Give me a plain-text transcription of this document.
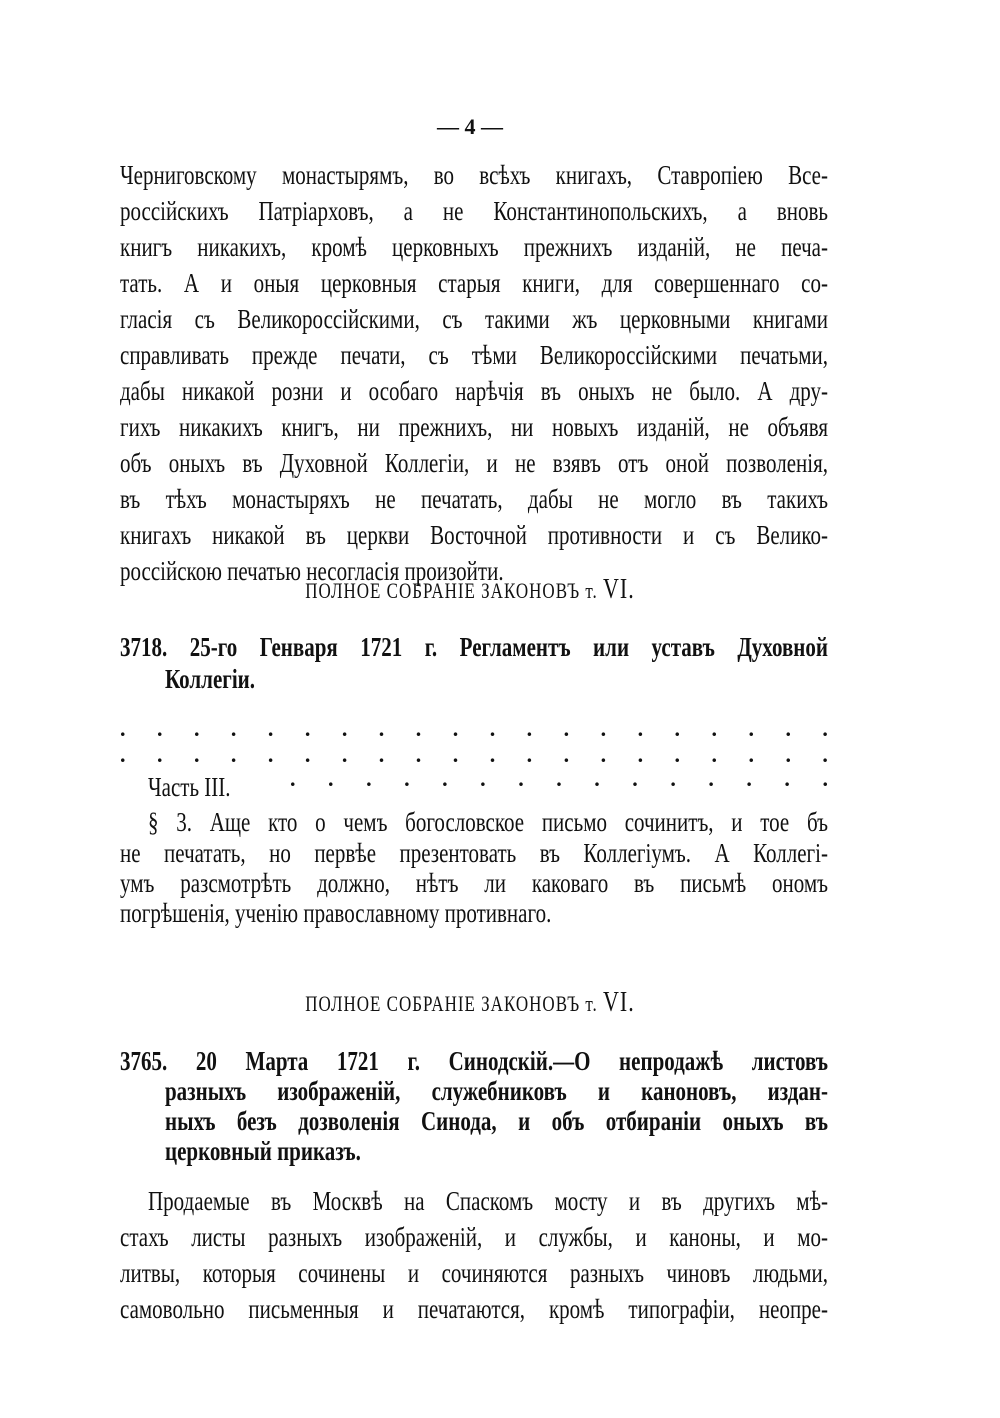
— 4 —
Черниговскому монастырямъ, во всѣхъ книгахъ, Ставропіею Все-
россійскихъ Патріарховъ, а не Константинопольскихъ, а вновь
книгъ никакихъ, кромѣ церковныхъ прежнихъ изданій, не печа-
тать. А и оныя церковныя старыя книги, для совершеннаго со-
гласія съ Великороссійскими, съ такими жъ церковными книгами
справливать прежде печати, съ тѣми Великороссійскими печатьми,
дабы никакой розни и особаго нарѣчія въ оныхъ не было. А дру-
гихъ никакихъ книгъ, ни прежнихъ, ни новыхъ изданій, не объявя
объ оныхъ въ Духовной Коллегіи, и не взявъ отъ оной позволенія,
въ тѣхъ монастыряхъ не печатать, дабы не могло въ такихъ
книгахъ никакой въ церкви Восточной противности и съ Велико-
россійскою печатью несогласія произойти.
ПОЛНОЕ СОБРАНІЕ ЗАКОНОВЪ т. VI.
3718. 25-го Генваря 1721 г. Регламентъ или уставъ Духовной
Коллегіи.
. . . . . . . . . . . . . . . . . . . .
. . . . . . . . . . . . . . . . . . . .
Часть III.	. . . . . . . . . . . . . . .
§ 3. Аще кто о чемъ богословское письмо сочинитъ, и тое бъ
не печатать, но первѣе презентовать въ Коллегіумъ. А Коллегі-
умъ разсмотрѣть должно, нѣтъ ли каковаго въ письмѣ ономъ
погрѣшенія, ученію православному противнаго.
ПОЛНОЕ СОБРАНІЕ ЗАКОНОВЪ т. VI.
3765. 20 Марта 1721 г. Синодскій.—О непродажѣ листовъ
разныхъ изображеній, служебниковъ и каноновъ, издан-
ныхъ безъ дозволенія Синода, и объ отбираніи оныхъ въ
церковный приказъ.
Продаемые въ Москвѣ на Спаскомъ мосту и въ другихъ мѣ-
стахъ листы разныхъ изображеній, и службы, и каноны, и мо-
литвы, которыя сочинены и сочиняются разныхъ чиновъ людьми,
самовольно письменныя и печатаются, кромѣ типографіи, неопре-
